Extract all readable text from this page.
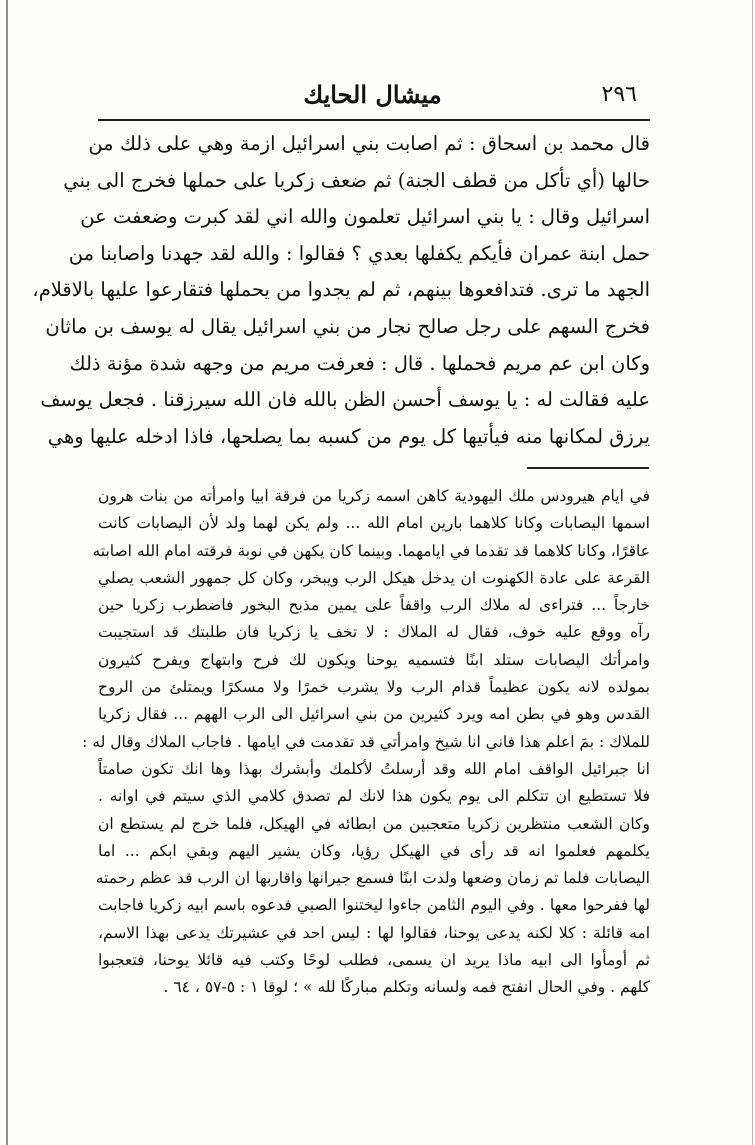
٢٩٦
ميشال الحايك
قال محمد بن اسحاق : ثم اصابت بني اسرائيل ازمة وهي على ذلك من
حالها (أي تأكل من قطف الجنة) ثم ضعف زكريا على حملها فخرج الى بني
اسرائيل وقال : يا بني اسرائيل تعلمون والله اني لقد كبرت وضعفت عن
حمل ابنة عمران فأيكم يكفلها بعدي ؟ فقالوا : والله لقد جهدنا واصابنا من
الجهد ما ترى. فتدافعوها بينهم، ثم لم يجدوا من يحملها فتقارعوا عليها بالاقلام،
فخرج السهم على رجل صالح نجار من بني اسرائيل يقال له يوسف بن ماثان
وكان ابن عم مريم فحملها . قال : فعرفت مريم من وجهه شدة مؤنة ذلك
عليه فقالت له : يا يوسف أحسن الظن بالله فان الله سيرزقنا . فجعل يوسف
يرزق لمكانها منه فيأتيها كل يوم من كسبه بما يصلحها، فاذا ادخله عليها وهي
في ايام هيرودس ملك اليهودية كاهن اسمه زكريا من فرقة ابيا وامرأته من بنات هرون
اسمها اليصابات وكانا كلاهما بارين امام الله ... ولم يكن لهما ولد لأن اليصابات كانت
عاقرًا، وكانا كلاهما قد تقدما في ايامهما. وبينما كان يكهن في نوبة فرقته امام الله اصابته
القرعة على عادة الكهنوت ان يدخل هيكل الرب ويبخر، وكان كل جمهور الشعب يصلي
خارجاً ... فتراءى له ملاك الرب واقفاً على يمين مذبح البخور فاضطرب زكريا حين
رآه ووقع عليه خوف، فقال له الملاك : لا تخف يا زكريا فان طلبتك قد استجيبت
وامرأتك اليصابات ستلد ابنًا فتسميه يوحنا ويكون لك فرح وابتهاج ويفرح كثيرون
بمولده لانه يكون عظيماً قدام الرب ولا يشرب خمرًا ولا مسكرًا ويمتلئ من الروح
القدس وهو في بطن امه ويرد كثيرين من بني اسرائيل الى الرب الههم ... فقال زكريا
للملاك : بمَ اعلم هذا فاني انا شيخ وامرأتي قد تقدمت في ايامها . فاجاب الملاك وقال له :
انا جبرائيل الواقف امام الله وقد أرسلتُ لأكلمك وأبشرك بهذا وها انك تكون صامتاً
فلا تستطيع ان تتكلم الى يوم يكون هذا لانك لم تصدق كلامي الذي سيتم في اوانه .
وكان الشعب منتظرين زكريا متعجبين من ابطائه في الهيكل، فلما خرج لم يستطع ان
يكلمهم فعلموا انه قد رأى في الهيكل رؤيا، وكان يشير اليهم وبقي ابكم ... اما
اليصابات فلما تم زمان وضعها ولدت ابنًا فسمع جيرانها واقاربها ان الرب قد عظم رحمته
لها ففرحوا معها . وفي اليوم الثامن جاءوا ليختنوا الصبي فدعوه باسم ابيه زكريا فاجابت
امه قائلة : كلا لكنه يدعى يوحنا، فقالوا لها : ليس احد في عشيرتك يدعى بهذا الاسم،
ثم أومأوا الى ابيه ماذا يريد ان يسمى، فطلب لوحًا وكتب فيه قائلا يوحنا، فتعجبوا
كلهم . وفي الحال انفتح فمه ولسانه وتكلم مباركًا لله » ؛ لوقا ١ : ٥-٥٧ ، ٦٤ .
